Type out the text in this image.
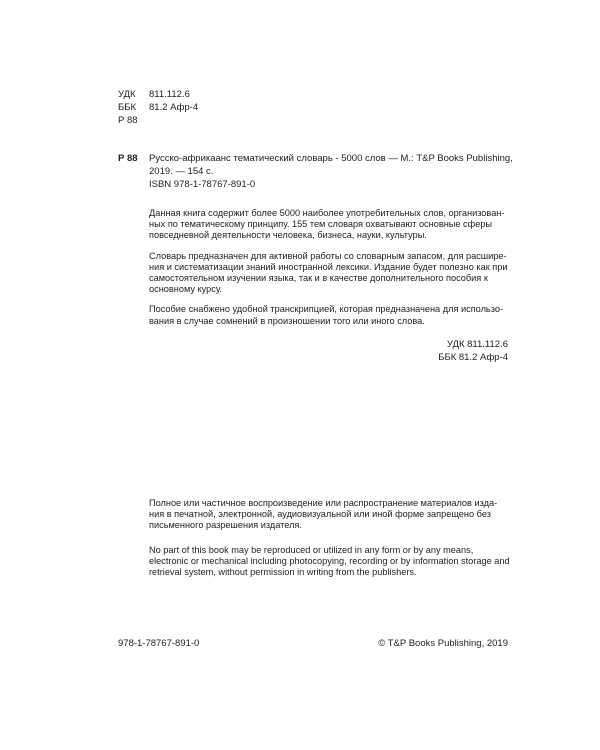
УДК 811.112.6
ББК 81.2 Афр-4
Р 88
Р 88 Русско-африкаанс тематический словарь - 5000 слов — М.: T&P Books Publishing,
2019. — 154 с.
ISBN 978-1-78767-891-0
Данная книга содержит более 5000 наиболее употребительных слов, организован-
ных по тематическому принципу. 155 тем словаря охватывают основные сферы
повседневной деятельности человека, бизнеса, науки, культуры.
Словарь предназначен для активной работы со словарным запасом, для расшире-
ния и систематизации знаний иностранной лексики. Издание будет полезно как при
самостоятельном изучении языка, так и в качестве дополнительного пособия к
основному курсу.
Пособие снабжено удобной транскрипцией, которая предназначена для использо-
вания в случае сомнений в произношении того или иного слова.
УДК 811.112.6
ББК 81.2 Афр-4
Полное или частичное воспроизведение или распространение материалов изда-
ния в печатной, электронной, аудиовизуальной или иной форме запрещено без
письменного разрешения издателя.
No part of this book may be reproduced or utilized in any form or by any means,
electronic or mechanical including photocopying, recording or by information storage and
retrieval system, without permission in writing from the publishers.
978-1-78767-891-0	© T&P Books Publishing, 2019
